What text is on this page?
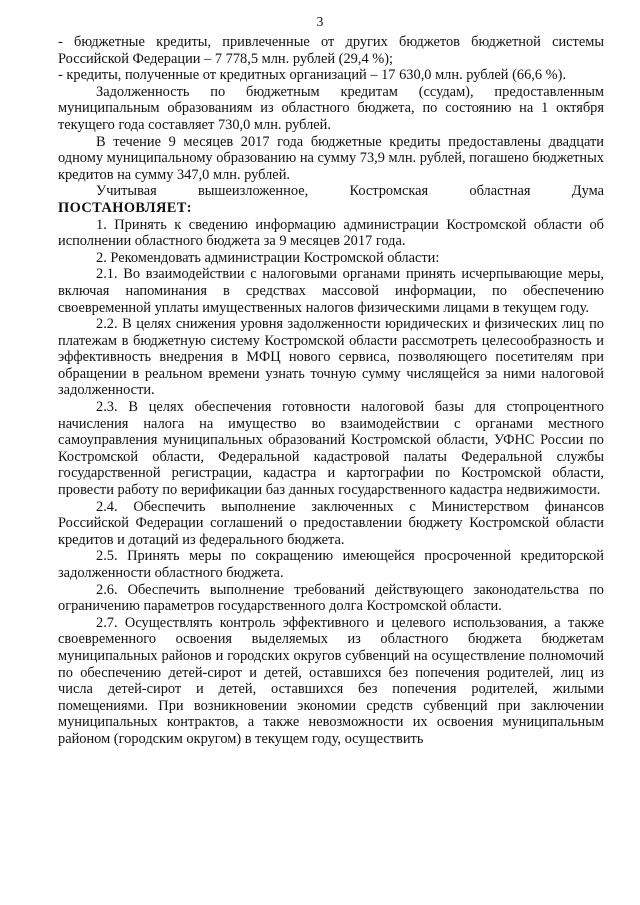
3

- бюджетные кредиты, привлеченные от других бюджетов бюджетной системы Российской Федерации – 7 778,5 млн. рублей (29,4 %);

- кредиты, полученные от кредитных организаций – 17 630,0 млн. рублей (66,6 %).

Задолженность по бюджетным кредитам (ссудам), предоставленным муниципальным образованиям из областного бюджета, по состоянию на 1 октября текущего года составляет 730,0 млн. рублей.

В течение 9 месяцев 2017 года бюджетные кредиты предоставлены двадцати одному муниципальному образованию на сумму 73,9 млн. рублей, погашено бюджетных кредитов на сумму 347,0 млн. рублей.

Учитывая	вышеизложенное,	Костромская	областная	Дума

ПОСТАНОВЛЯЕТ:

1. Принять к сведению информацию администрации Костромской области об исполнении областного бюджета за 9 месяцев 2017 года.

2. Рекомендовать администрации Костромской области:

2.1. Во взаимодействии с налоговыми органами принять исчерпывающие меры, включая напоминания в средствах массовой информации, по обеспечению своевременной уплаты имущественных налогов физическими лицами в текущем году.

2.2. В целях снижения уровня задолженности юридических и физических лиц по платежам в бюджетную систему Костромской области рассмотреть целесообразность и эффективность внедрения в МФЦ нового сервиса, позволяющего посетителям при обращении в реальном времени узнать точную сумму числящейся за ними налоговой задолженности.

2.3. В целях обеспечения готовности налоговой базы для стопроцентного начисления налога на имущество во взаимодействии с органами местного самоуправления муниципальных образований Костромской области, УФНС России по Костромской области, Федеральной кадастровой палаты Федеральной службы государственной регистрации, кадастра и картографии по Костромской области, провести работу по верификации баз данных государственного кадастра недвижимости.

2.4. Обеспечить выполнение заключенных с Министерством финансов Российской Федерации соглашений о предоставлении бюджету Костромской области кредитов и дотаций из федерального бюджета.

2.5. Принять меры по сокращению имеющейся просроченной кредиторской задолженности областного бюджета.

2.6. Обеспечить выполнение требований действующего законодательства по ограничению параметров государственного долга Костромской области.

2.7. Осуществлять контроль эффективного и целевого использования, а также своевременного освоения выделяемых из областного бюджета бюджетам муниципальных районов и городских округов субвенций на осуществление полномочий по обеспечению детей-сирот и детей, оставшихся без попечения родителей, лиц из числа детей-сирот и детей, оставшихся без попечения родителей, жилыми помещениями. При возникновении экономии средств субвенций при заключении муниципальных контрактов, а также невозможности их освоения муниципальным районом (городским округом) в текущем году, осуществить
